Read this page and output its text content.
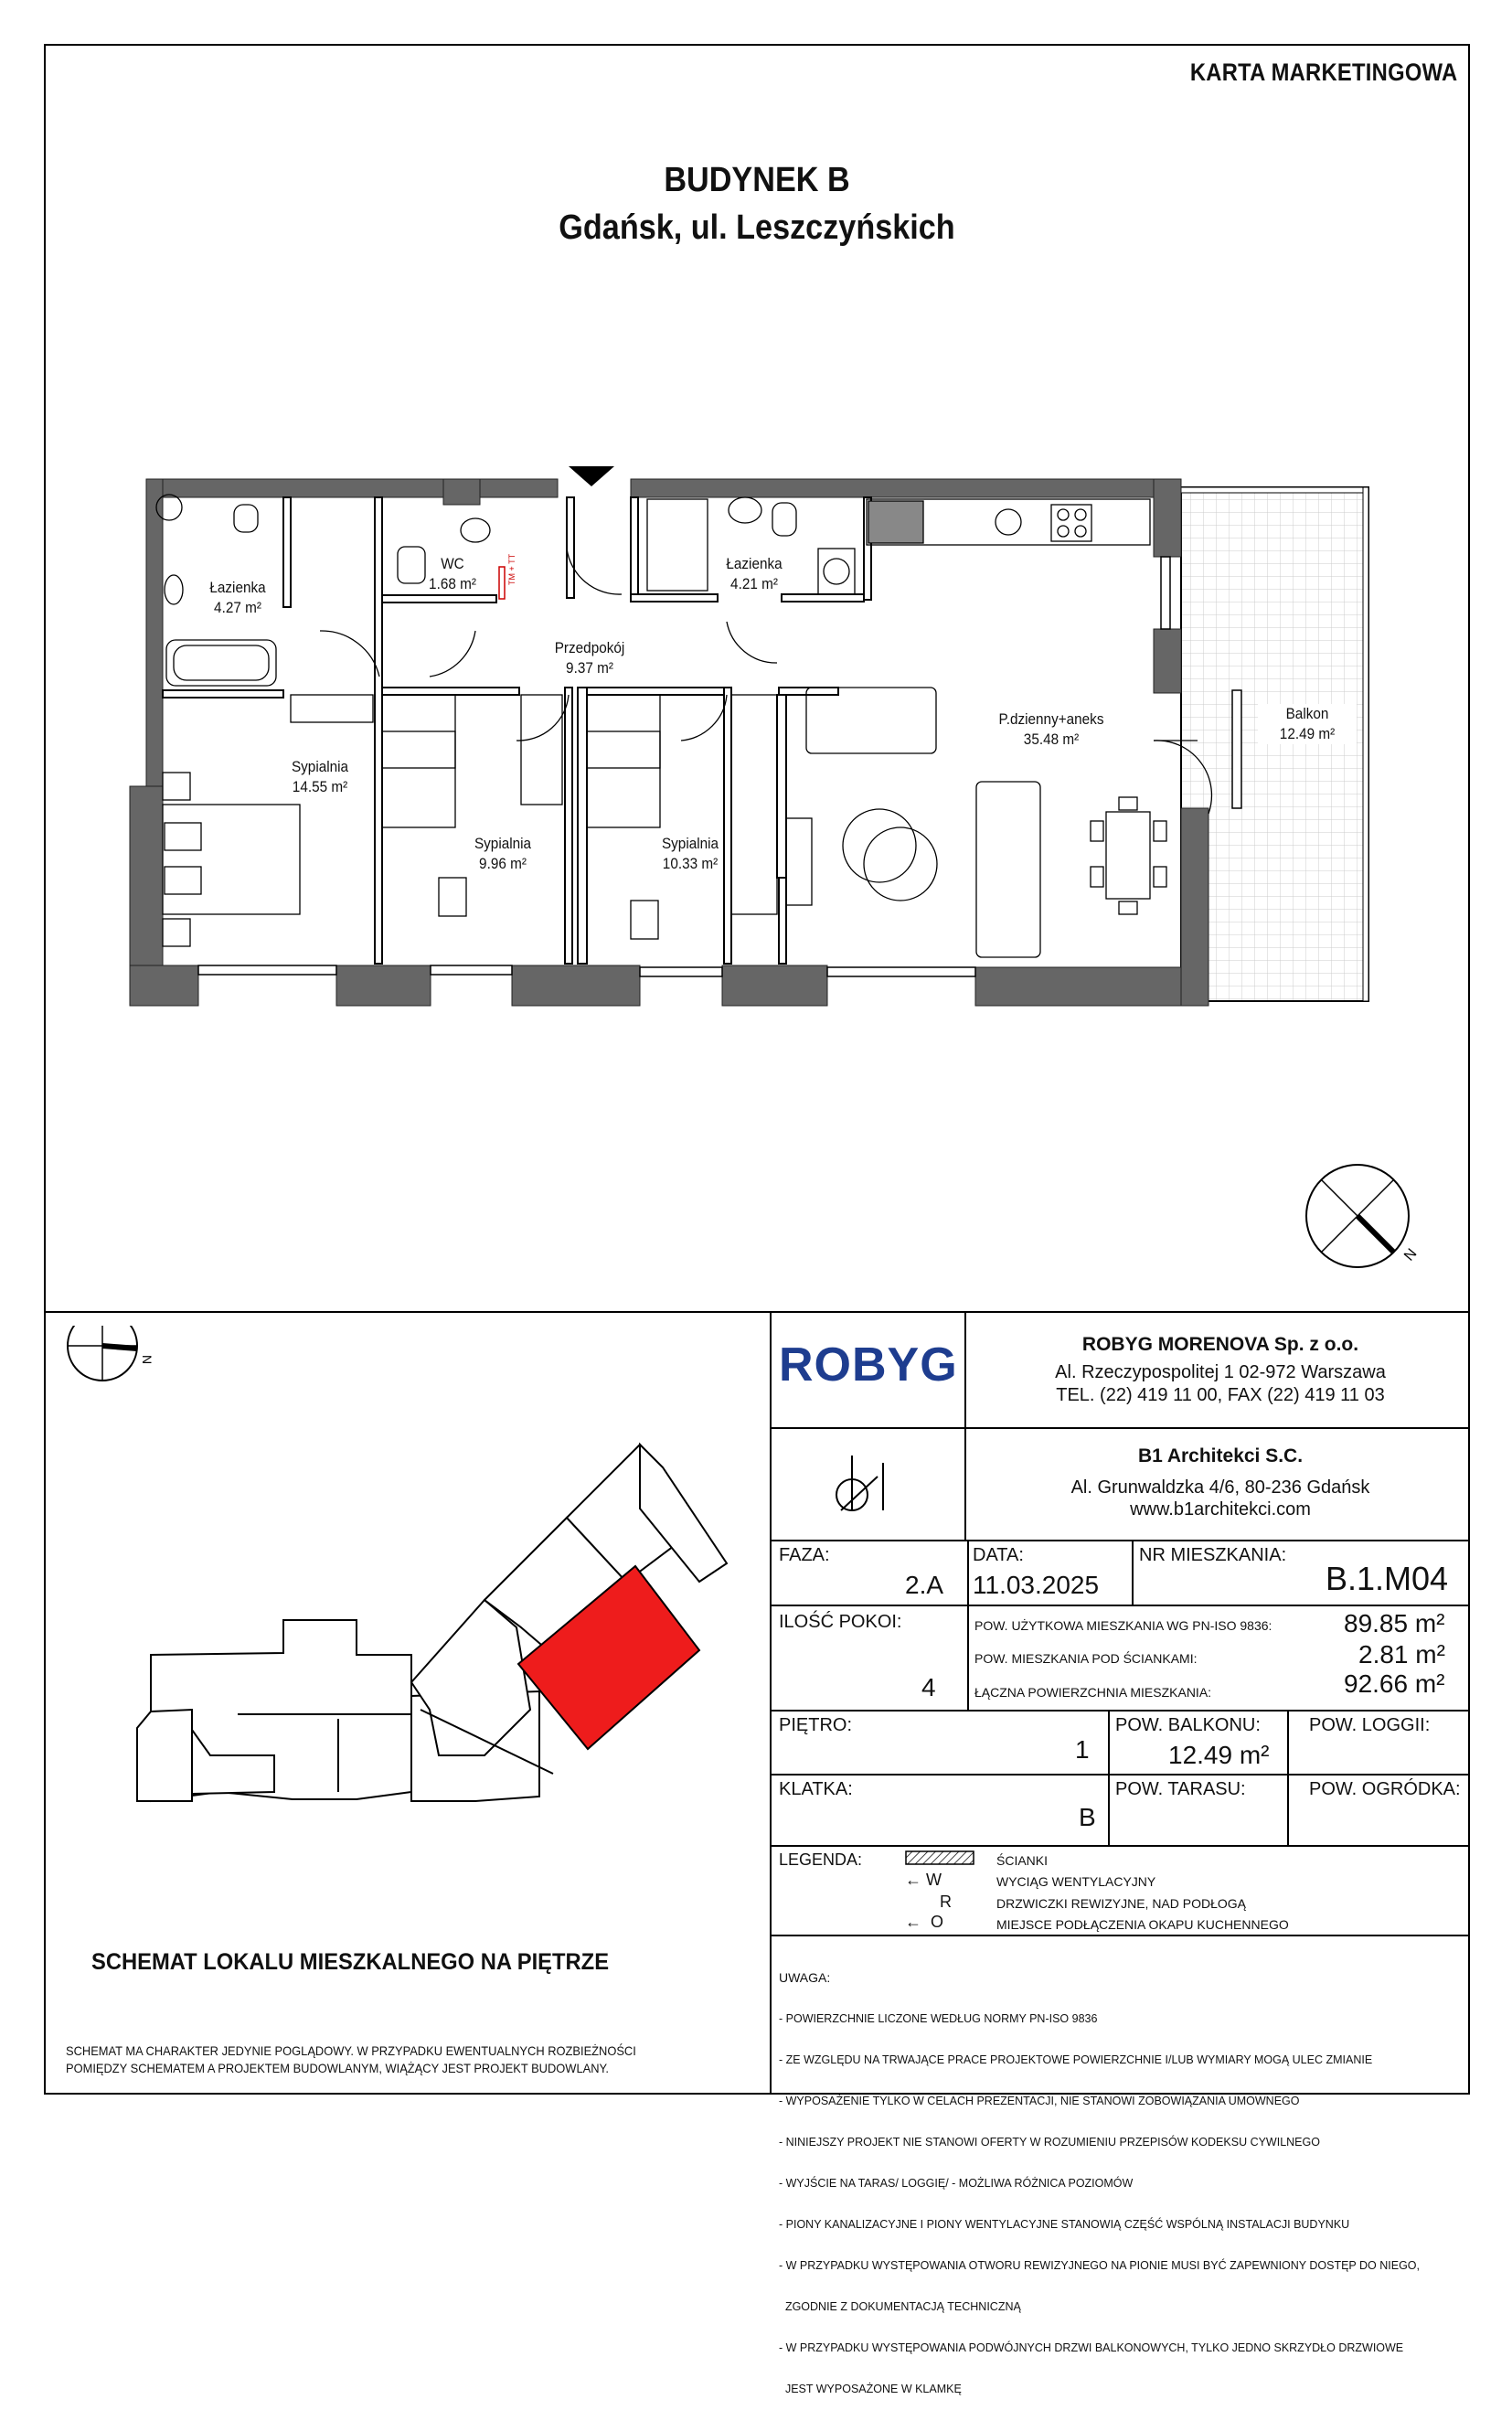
KARTA MARKETINGOWA
BUDYNEK B
Gdańsk, ul. Leszczyńskich
TM + TT
N
Łazienka
4.27 m²
WC
1.68 m²
Łazienka
4.21 m²
Przedpokój
9.37 m²
P.dzienny+aneks
35.48 m²
Balkon
12.49 m²
Sypialnia
14.55 m²
Sypialnia
9.96 m²
Sypialnia
10.33 m²
N
SCHEMAT LOKALU MIESZKALNEGO NA PIĘTRZE
SCHEMAT MA CHARAKTER JEDYNIE POGLĄDOWY. W PRZYPADKU EWENTUALNYCH ROZBIEŻNOŚCI
POMIĘDZY SCHEMATEM A PROJEKTEM BUDOWLANYM, WIĄŻĄCY JEST PROJEKT BUDOWLANY.
ROBYG	ROBYG MORENOVA Sp. z o.o.
Al. Rzeczypospolitej 1 02-972 Warszawa
TEL. (22) 419 11 00, FAX (22) 419 11 03
B1 Architekci S.C.
Al. Grunwaldzka 4/6, 80-236 Gdańsk
www.b1architekci.com
FAZA:
2.A
DATA:
11.03.2025
NR MIESZKANIA:
B.1.M04
ILOŚĆ POKOI:
4
POW. UŻYTKOWA MIESZKANIA WG PN-ISO 9836:	89.85 m²
POW. MIESZKANIA POD ŚCIANKAMI:	2.81 m²
ŁĄCZNA POWIERZCHNIA MIESZKANIA:	92.66 m²
PIĘTRO:
1
POW. BALKONU:
12.49 m²
POW. LOGGII:
KLATKA:
B
POW. TARASU:	POW. OGRÓDKA:
LEGENDA:	ŚCIANKI
← W	WYCIĄG WENTYLACYJNY
R	DRZWICZKI REWIZYJNE, NAD PODŁOGĄ
←  O	MIEJSCE PODŁĄCZENIA OKAPU KUCHENNEGO

UWAGA:

- POWIERZCHNIE LICZONE WEDŁUG NORMY PN-ISO 9836

- ZE WZGLĘDU NA TRWAJĄCE PRACE PROJEKTOWE POWIERZCHNIE I/LUB WYMIARY MOGĄ ULEC ZMIANIE

- WYPOSAŻENIE TYLKO W CELACH PREZENTACJI, NIE STANOWI ZOBOWIĄZANIA UMOWNEGO

- NINIEJSZY PROJEKT NIE STANOWI OFERTY W ROZUMIENIU PRZEPISÓW KODEKSU CYWILNEGO

- WYJŚCIE NA TARAS/ LOGGIĘ/ - MOŻLIWA RÓŻNICA POZIOMÓW

- PIONY KANALIZACYJNE I PIONY WENTYLACYJNE STANOWIĄ CZĘŚĆ WSPÓLNĄ INSTALACJI BUDYNKU

- W PRZYPADKU WYSTĘPOWANIA OTWORU REWIZYJNEGO NA PIONIE MUSI BYĆ ZAPEWNIONY DOSTĘP DO NIEGO,

ZGODNIE Z DOKUMENTACJĄ TECHNICZNĄ

- W PRZYPADKU WYSTĘPOWANIA PODWÓJNYCH DRZWI BALKONOWYCH, TYLKO JEDNO SKRZYDŁO DRZWIOWE

JEST WYPOSAŻONE W KLAMKĘ
